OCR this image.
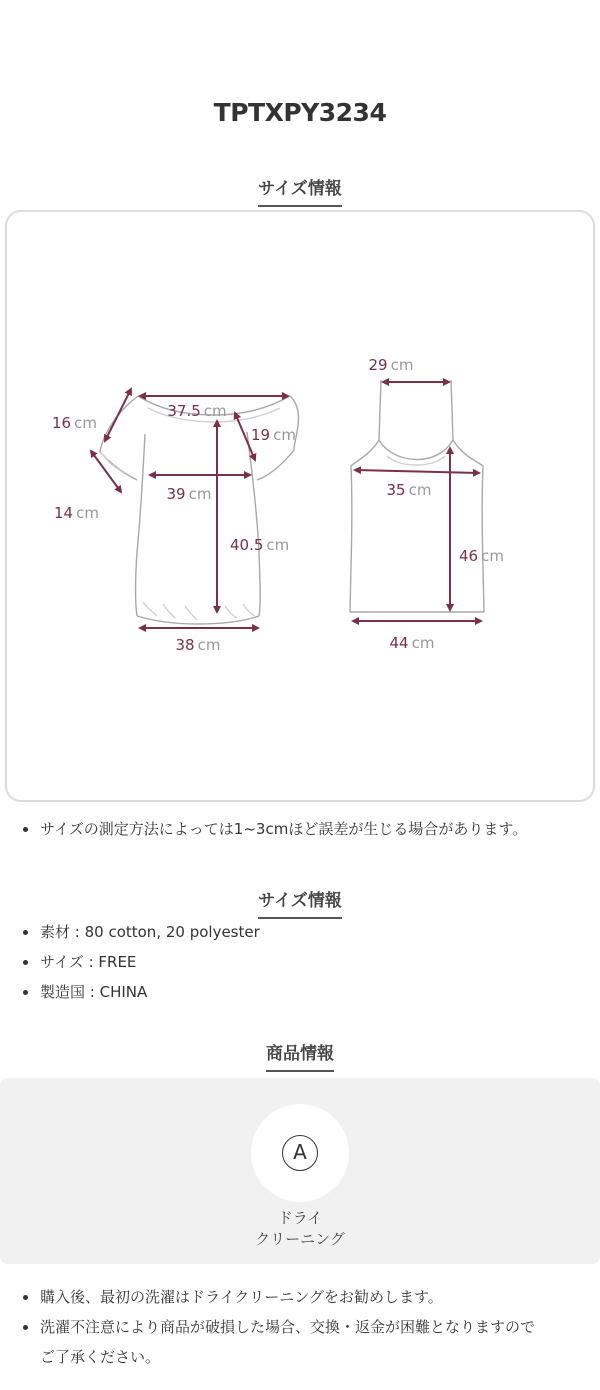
TPTXPY3234
サイズ情報
37.5 cm
16 cm
14 cm
19 cm
39 cm
40.5 cm
38 cm
29 cm
35 cm
46 cm
44 cm
サイズの測定方法によっては1~3cmほど誤差が生じる場合があります。
サイズ情報
素材 : 80 cotton, 20 polyester
サイズ : FREE
製造国 : CHINA
商品情報
A
ドライ
クリーニング
購入後、最初の洗濯はドライクリーニングをお勧めします。
洗濯不注意により商品が破損した場合、交換・返金が困難となりますので
ご了承ください。
